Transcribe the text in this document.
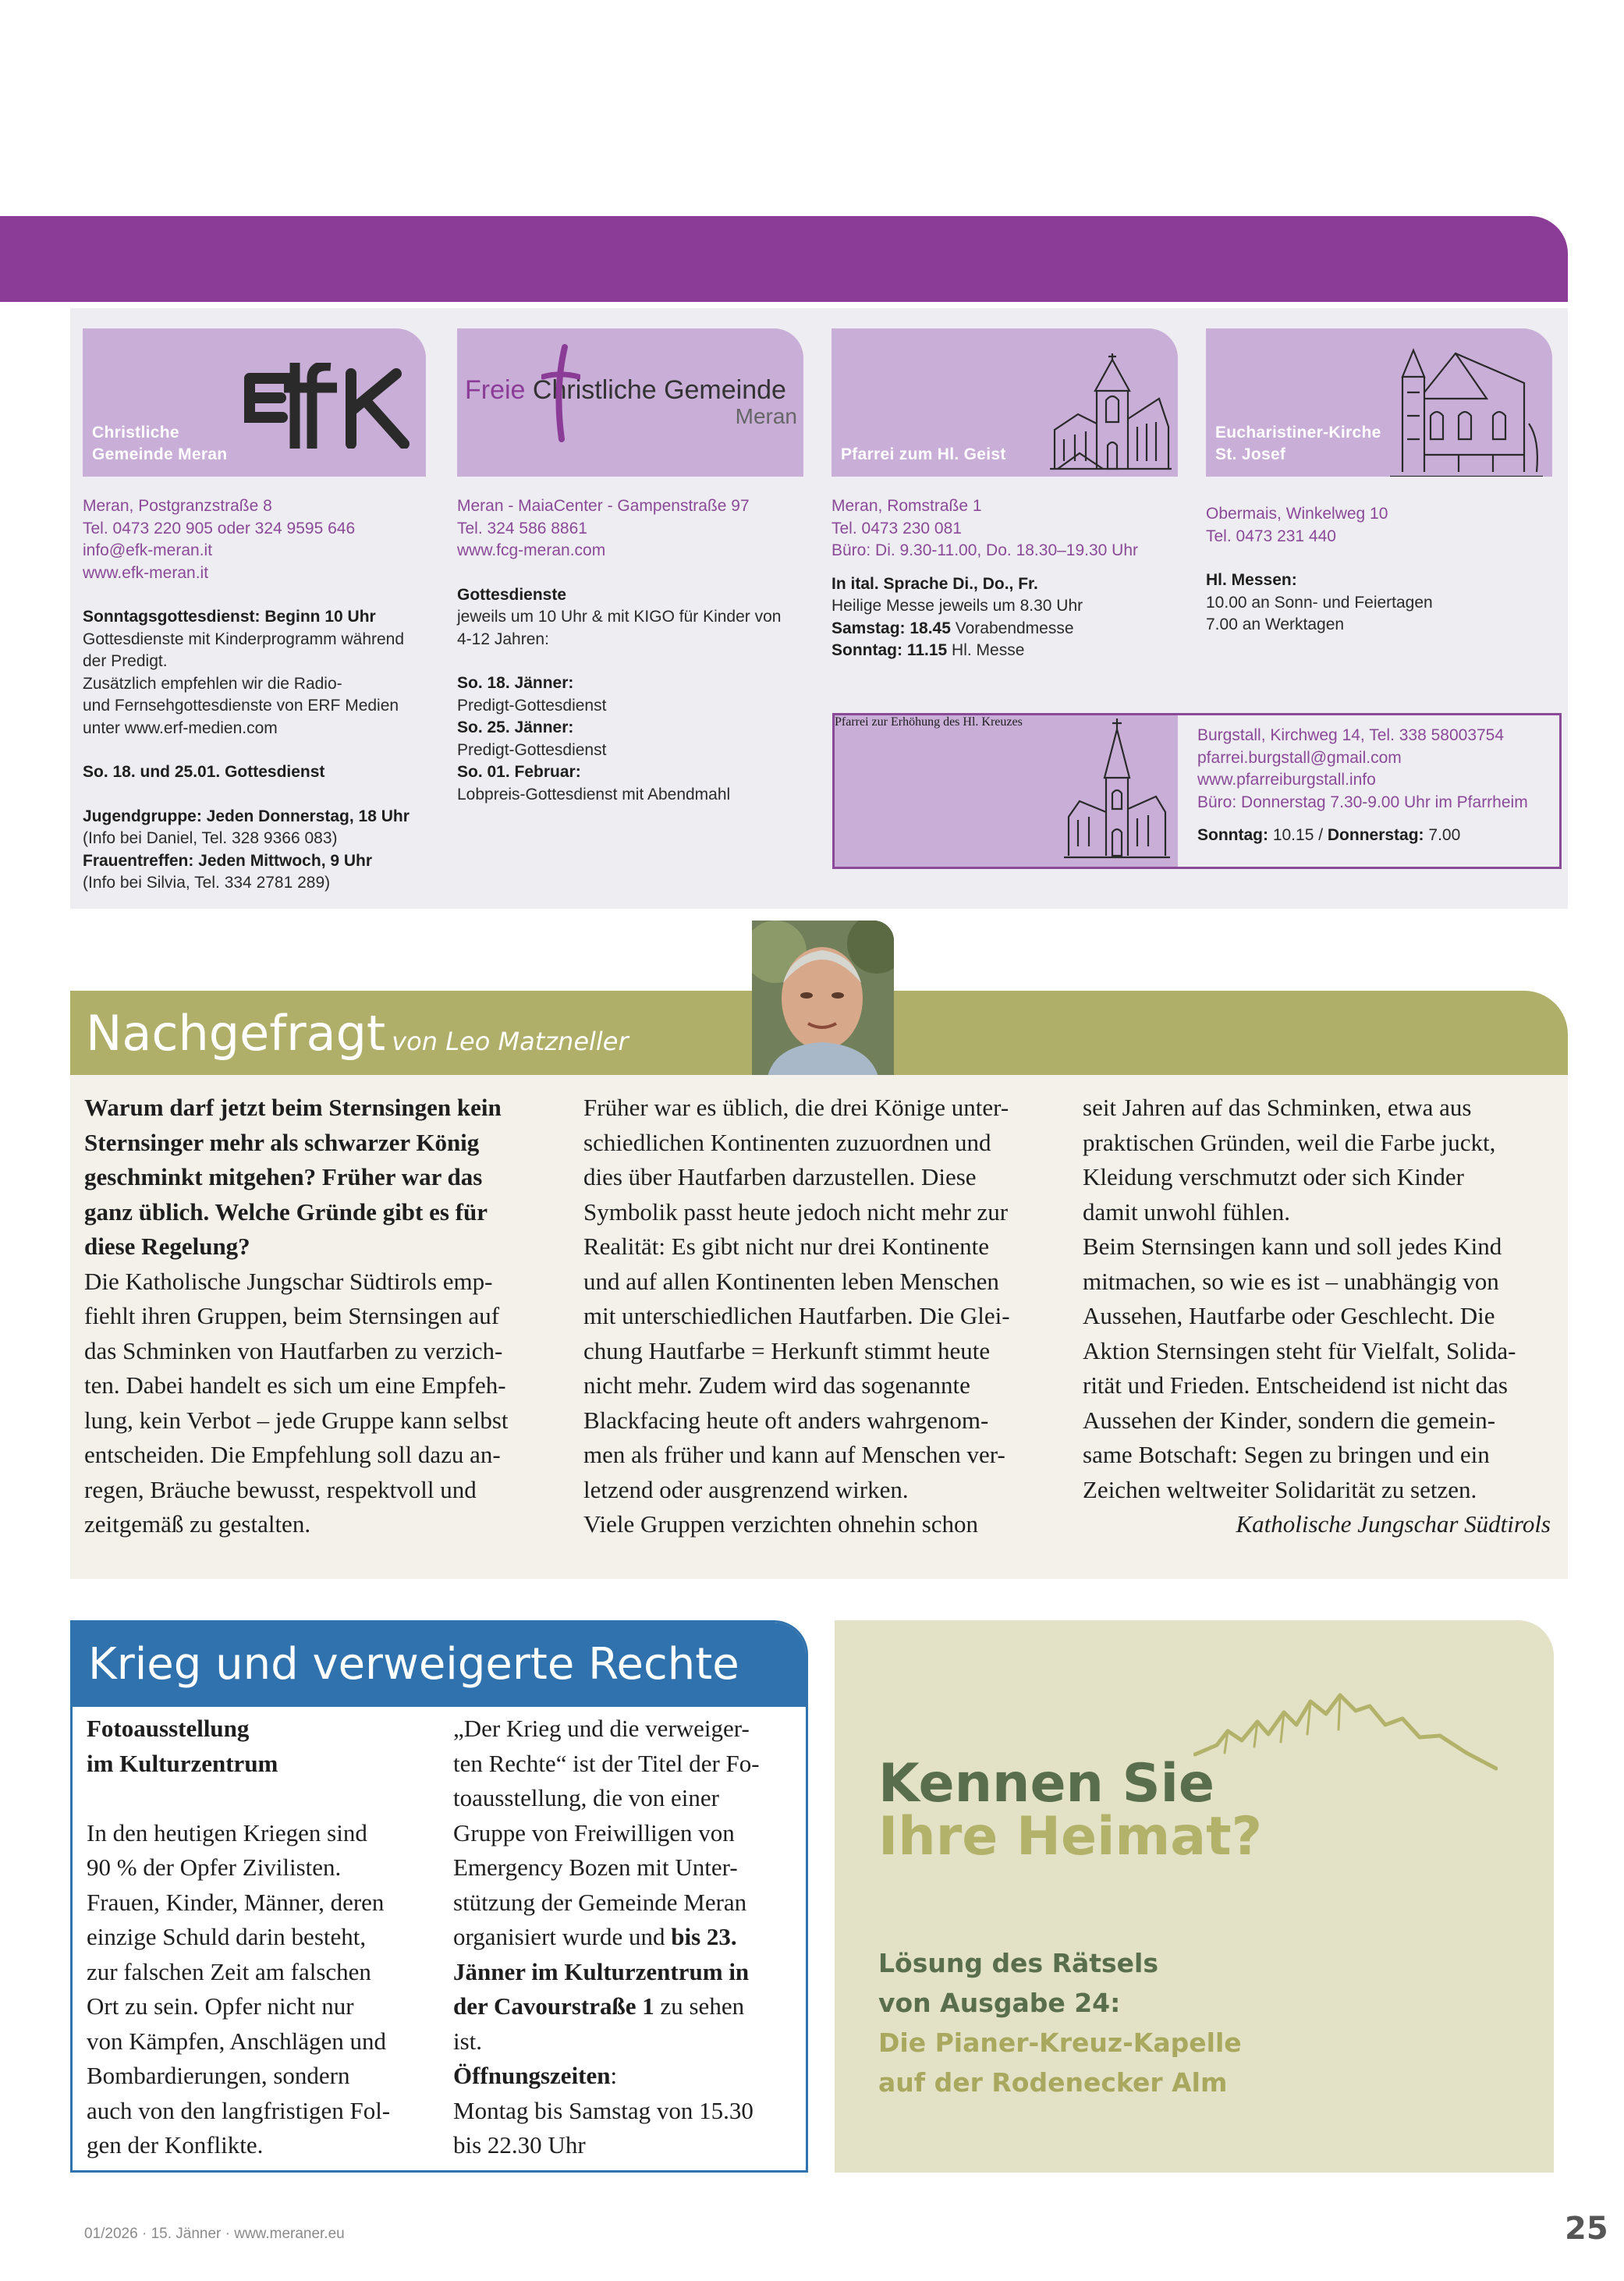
Christliche
Gemeinde Meran
Meran, Postgranzstraße 8
Tel. 0473 220 905 oder 324 9595 646
info@efk-meran.it
www.efk-meran.it
Sonntagsgottesdienst: Beginn 10 Uhr
Gottesdienste mit Kinderprogramm während
der Predigt.
Zusätzlich empfehlen wir die Radio-
und Fernsehgottesdienste von ERF Medien
unter www.erf-medien.com
So. 18. und 25.01. Gottesdienst
Jugendgruppe: Jeden Donnerstag, 18 Uhr
(Info bei Daniel, Tel. 328 9366 083)
Frauentreffen: Jeden Mittwoch, 9 Uhr
(Info bei Silvia, Tel. 334 2781 289)
Freie Christliche Gemeinde
Meran
Meran - MaiaCenter - Gampenstraße 97
Tel. 324 586 8861
www.fcg-meran.com
Gottesdienste
jeweils um 10 Uhr & mit KIGO für Kinder von
4-12 Jahren:
So. 18. Jänner:
Predigt-Gottesdienst
So. 25. Jänner:
Predigt-Gottesdienst
So. 01. Februar:
Lobpreis-Gottesdienst mit Abendmahl
Pfarrei zum Hl. Geist
Meran, Romstraße 1
Tel. 0473 230 081
Büro: Di. 9.30-11.00, Do. 18.30–19.30 Uhr
In ital. Sprache Di., Do., Fr.
Heilige Messe jeweils um 8.30 Uhr
Samstag: 18.45 Vorabendmesse
Sonntag: 11.15 Hl. Messe
Eucharistiner-Kirche
St. Josef
Obermais, Winkelweg 10
Tel. 0473 231 440
Hl. Messen:
10.00 an Sonn- und Feiertagen
7.00 an Werktagen
Pfarrei zur Erhöhung des Hl. Kreuzes
Burgstall, Kirchweg 14, Tel. 338 58003754
pfarrei.burgstall@gmail.com
www.pfarreiburgstall.info
Büro: Donnerstag 7.30-9.00 Uhr im Pfarrheim
Sonntag: 10.15 / Donnerstag: 7.00
Nachgefragt von Leo Matzneller
Warum darf jetzt beim Sternsingen kein
Sternsinger mehr als schwarzer König
geschminkt mitgehen? Früher war das
ganz üblich. Welche Gründe gibt es für
diese Regelung?
Die Katholische Jungschar Südtirols emp-
fiehlt ihren Gruppen, beim Sternsingen auf
das Schminken von Hautfarben zu verzich-
ten. Dabei handelt es sich um eine Empfeh-
lung, kein Verbot – jede Gruppe kann selbst
entscheiden. Die Empfehlung soll dazu an-
regen, Bräuche bewusst, respektvoll und
zeitgemäß zu gestalten.
Früher war es üblich, die drei Könige unter-
schiedlichen Kontinenten zuzuordnen und
dies über Hautfarben darzustellen. Diese
Symbolik passt heute jedoch nicht mehr zur
Realität: Es gibt nicht nur drei Kontinente
und auf allen Kontinenten leben Menschen
mit unterschiedlichen Hautfarben. Die Glei-
chung Hautfarbe = Herkunft stimmt heute
nicht mehr. Zudem wird das sogenannte
Blackfacing heute oft anders wahrgenom-
men als früher und kann auf Menschen ver-
letzend oder ausgrenzend wirken.
Viele Gruppen verzichten ohnehin schon
seit Jahren auf das Schminken, etwa aus
praktischen Gründen, weil die Farbe juckt,
Kleidung verschmutzt oder sich Kinder
damit unwohl fühlen.
Beim Sternsingen kann und soll jedes Kind
mitmachen, so wie es ist – unabhängig von
Aussehen, Hautfarbe oder Geschlecht. Die
Aktion Sternsingen steht für Vielfalt, Solida-
rität und Frieden. Entscheidend ist nicht das
Aussehen der Kinder, sondern die gemein-
same Botschaft: Segen zu bringen und ein
Zeichen weltweiter Solidarität zu setzen.
Katholische Jungschar Südtirols
Krieg und verweigerte Rechte
Fotoausstellung
im Kulturzentrum

In den heutigen Kriegen sind
90 % der Opfer Zivilisten.
Frauen, Kinder, Männer, deren
einzige Schuld darin besteht,
zur falschen Zeit am falschen
Ort zu sein. Opfer nicht nur
von Kämpfen, Anschlägen und
Bombardierungen, sondern
auch von den langfristigen Fol-
gen der Konflikte.
„Der Krieg und die verweiger-
ten Rechte“ ist der Titel der Fo-
toausstellung, die von einer
Gruppe von Freiwilligen von
Emergency Bozen mit Unter-
stützung der Gemeinde Meran
organisiert wurde und bis 23.
Jänner im Kulturzentrum in
der Cavourstraße 1 zu sehen
ist.
Öffnungszeiten:
Montag bis Samstag von 15.30
bis 22.30 Uhr
Kennen Sie
Ihre Heimat?
Lösung des Rätsels
von Ausgabe 24:
Die Pianer-Kreuz-Kapelle
auf der Rodenecker Alm
01/2026 · 15. Jänner · www.meraner.eu	25
